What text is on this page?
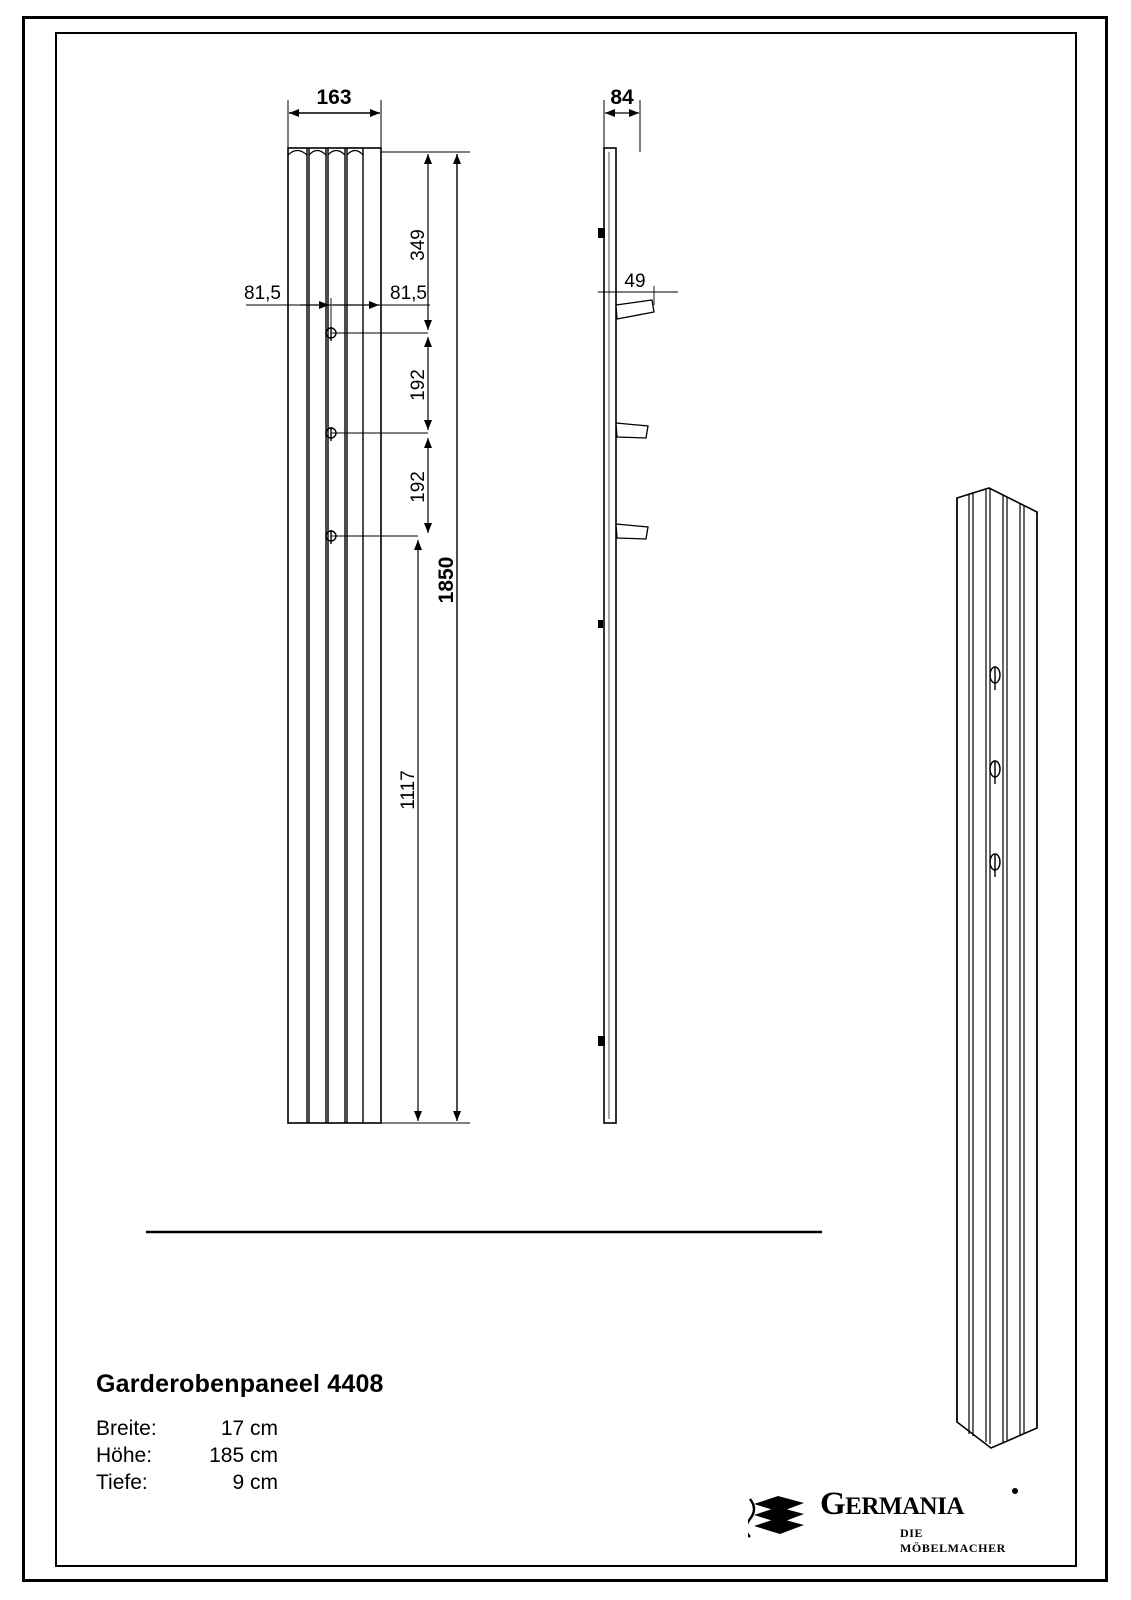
163
1850
349
192
192
1117
81,5	81,5
84
49
Garderobenpaneel 4408
Breite:	17 cm
Höhe:	185 cm
Tiefe:	9 cm
GERMANIA
DIE MÖBELMACHER
